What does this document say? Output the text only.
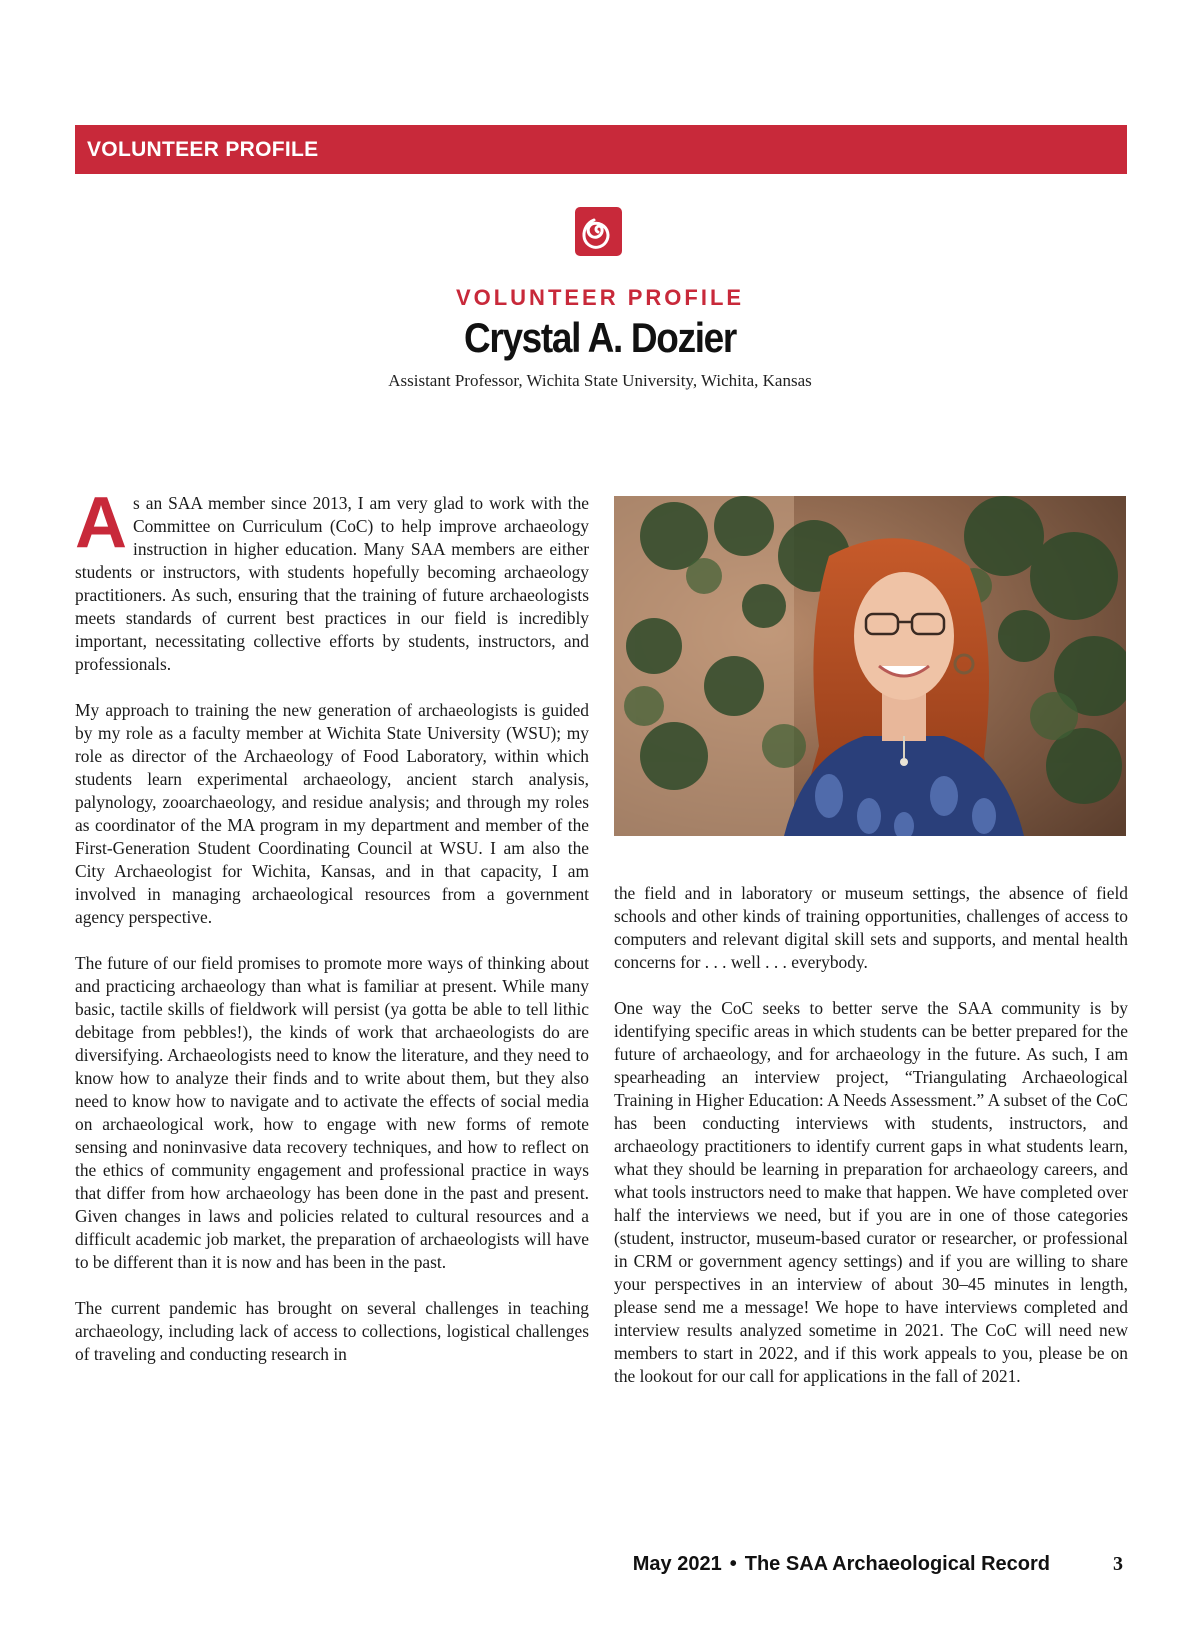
VOLUNTEER PROFILE
VOLUNTEER PROFILE
Crystal A. Dozier
Assistant Professor, Wichita State University, Wichita, Kansas

As an SAA member since 2013, I am very glad to work with the Committee on Curriculum (CoC) to help improve archaeology instruction in higher education. Many SAA members are either students or instructors, with students hopefully becoming archaeology practitioners. As such, ensuring that the training of future archaeologists meets standards of current best practices in our field is incredibly important, necessitating collective efforts by students, instructors, and professionals.

My approach to training the new generation of archaeologists is guided by my role as a faculty member at Wichita State University (WSU); my role as director of the Archaeology of Food Laboratory, within which students learn experimental archaeology, ancient starch analysis, palynology, zooarchaeology, and residue analysis; and through my roles as coordinator of the MA program in my department and member of the First-Generation Student Coordinating Council at WSU. I am also the City Archaeologist for Wichita, Kansas, and in that capacity, I am involved in managing archaeological resources from a government agency perspective.

The future of our field promises to promote more ways of thinking about and practicing archaeology than what is familiar at present. While many basic, tactile skills of fieldwork will persist (ya gotta be able to tell lithic debitage from pebbles!), the kinds of work that archaeologists do are diversifying. Archaeologists need to know the literature, and they need to know how to analyze their finds and to write about them, but they also need to know how to navigate and to activate the effects of social media on archaeological work, how to engage with new forms of remote sensing and noninvasive data recovery techniques, and how to reflect on the ethics of community engagement and professional practice in ways that differ from how archaeology has been done in the past and present. Given changes in laws and policies related to cultural resources and a difficult academic job market, the preparation of archaeologists will have to be different than it is now and has been in the past.

The current pandemic has brought on several challenges in teaching archaeology, including lack of access to collections, logistical challenges of traveling and conducting research in

the field and in laboratory or museum settings, the absence of field schools and other kinds of training opportunities, challenges of access to computers and relevant digital skill sets and supports, and mental health concerns for . . . well . . . everybody.

One way the CoC seeks to better serve the SAA community is by identifying specific areas in which students can be better prepared for the future of archaeology, and for archaeology in the future. As such, I am spearheading an interview project, “Triangulating Archaeological Training in Higher Education: A Needs Assessment.” A subset of the CoC has been conducting interviews with students, instructors, and archaeology practitioners to identify current gaps in what students learn, what they should be learning in preparation for archaeology careers, and what tools instructors need to make that happen. We have completed over half the interviews we need, but if you are in one of those categories (student, instructor, museum-based curator or researcher, or professional in CRM or government agency settings) and if you are willing to share your perspectives in an interview of about 30–45 minutes in length, please send me a message! We hope to have interviews completed and interview results analyzed sometime in 2021. The CoC will need new members to start in 2022, and if this work appeals to you, please be on the lookout for our call for applications in the fall of 2021.

May 2021 • The SAA Archaeological Record	3
